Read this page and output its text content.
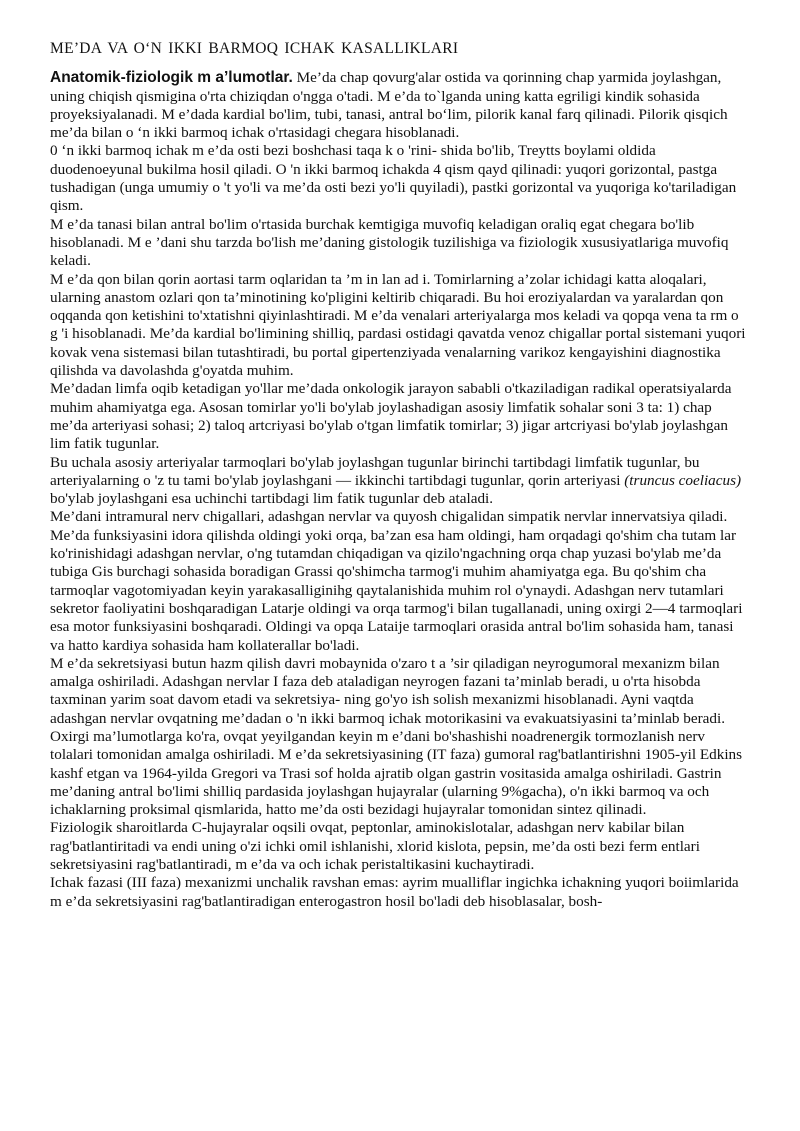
ME’DA VA O‘N IKKI BARMOQ ICHAK KASALLIKLARI

Anatomik-fiziologik m a’lumotlar. Me’da chap qovurg'alar ostida va qorinning chap yarmida joylashgan, uning chiqish qismigina o'rta chiziqdan o'ngga o'tadi. M e’da to`lganda uning katta egriligi kindik sohasida proyeksiyalanadi. M e’dada kardial bo'lim, tubi, tanasi, antral bo‘lim, pilorik kanal farq qilinadi. Pilorik qisqich me’da bilan o ‘n ikki barmoq ichak o'rtasidagi chegara hisoblanadi.

0 ‘n ikki barmoq ichak m e’da osti bezi boshchasi taqa k o 'rini- shida bo'lib, Treytts boylami oldida duodenoeyunal bukilma hosil qiladi. O 'n ikki barmoq ichakda 4 qism qayd qilinadi: yuqori gorizontal, pastga tushadigan (unga umumiy o 't yo'li va me’da osti bezi yo'li quyiladi), pastki gorizontal va yuqoriga ko'tariladigan qism.

M e’da tanasi bilan antral bo'lim o'rtasida burchak kemtigiga muvofiq keladigan oraliq egat chegara bo'lib hisoblanadi. M e ’dani shu tarzda bo'lish me’daning gistologik tuzilishiga va fiziologik xususiyatlariga muvofiq keladi.

M e’da qon bilan qorin aortasi tarm oqlaridan ta ’m in lan ad i. Tomirlarning a’zolar ichidagi katta aloqalari, ularning anastom ozlari qon ta’minotining ko'pligini keltirib chiqaradi. Bu hoi eroziyalardan va yaralardan qon oqqanda qon ketishini to'xtatishni qiyinlashtiradi. M e’da venalari arteriyalarga mos keladi va qopqa vena ta rm o g 'i hisoblanadi. Me’da kardial bo'limining shilliq, pardasi ostidagi qavatda venoz chigallar portal sistemani yuqori kovak vena sistemasi bilan tutashtiradi, bu portal gipertenziyada venalarning varikoz kengayishini diagnostika qilishda va davolashda g'oyatda muhim.

Me’dadan limfa oqib ketadigan yo'llar me’dada onkologik jarayon sababli o'tkaziladigan radikal operatsiyalarda muhim ahamiyatga ega. Asosan tomirlar yo'li bo'ylab joylashadigan asosiy limfatik sohalar soni 3 ta: 1) chap me’da arteriyasi sohasi; 2) taloq artcriyasi bo'ylab o'tgan limfatik tomirlar; 3) jigar artcriyasi bo'ylab joylashgan lim fatik tugunlar.

Bu uchala asosiy arteriyalar tarmoqlari bo'ylab joylashgan tugunlar birinchi tartibdagi limfatik tugunlar, bu arteriyalarning o 'z tu tami bo'ylab joylashgani — ikkinchi tartibdagi tugunlar, qorin arteriyasi (truncus coeliacus) bo'ylab joylashgani esa uchinchi tartibdagi lim fatik tugunlar deb ataladi.

Me’dani intramural nerv chigallari, adashgan nervlar va quyosh chigalidan simpatik nervlar innervatsiya qiladi.

Me’da funksiyasini idora qilishda oldingi yoki orqa, ba’zan esa ham oldingi, ham orqadagi qo'shim cha tutam lar ko'rinishidagi adashgan nervlar, o'ng tutamdan chiqadigan va qizilo'ngachning orqa chap yuzasi bo'ylab me’da tubiga Gis burchagi sohasida boradigan Grassi qo'shimcha tarmog'i muhim ahamiyatga ega. Bu qo'shim cha tarmoqlar vagotomiyadan keyin yarakasalliginihg qaytalanishida muhim rol o'ynaydi. Adashgan nerv tutamlari sekretor faoliyatini boshqaradigan Latarje oldingi va orqa tarmog'i bilan tugallanadi, uning oxirgi 2—4 tarmoqlari esa motor funksiyasini boshqaradi. Oldingi va opqa Lataije tarmoqlari orasida antral bo'lim sohasida ham, tanasi va hatto kardiya sohasida ham kollaterallar bo'ladi.

M e’da sekretsiyasi butun hazm qilish davri mobaynida o'zaro t a ’sir qiladigan neyrogumoral mexanizm bilan amalga oshiriladi. Adashgan nervlar I faza deb ataladigan neyrogen fazani ta’minlab beradi, u o'rta hisobda taxminan yarim soat davom etadi va sekretsiya- ning go'yo ish solish mexanizmi hisoblanadi. Ayni vaqtda adashgan nervlar ovqatning me’dadan o 'n ikki barmoq ichak motorikasini va evakuatsiyasini ta’minlab beradi.

Oxirgi ma’lumotlarga ko'ra, ovqat yeyilgandan keyin m e’dani bo'shashishi noadrenergik tormozlanish nerv tolalari tomonidan amalga oshiriladi. M e’da sekretsiyasining (IT faza) gumoral rag'batlantirishni 1905-yil Edkins kashf etgan va 1964-yilda Gregori va Trasi sof holda ajratib olgan gastrin vositasida amalga oshiriladi. Gastrin me’daning antral bo'limi shilliq pardasida joylashgan hujayralar (ularning 9%gacha), o'n ikki barmoq va och ichaklarning proksimal qismlarida, hatto me’da osti bezidagi hujayralar tomonidan sintez qilinadi.

Fiziologik sharoitlarda C-hujayralar oqsili ovqat, peptonlar, aminokislotalar, adashgan nerv kabilar bilan rag'batlantiritadi va endi uning o'zi ichki omil ishlanishi, xlorid kislota, pepsin, me’da osti bezi ferm entlari sekretsiyasini rag'batlantiradi, m e’da va och ichak peristaltikasini kuchaytiradi.

Ichak fazasi (III faza) mexanizmi unchalik ravshan emas: ayrim mualliflar ingichka ichakning yuqori boiimlarida m e’da sekretsiyasini rag'batlantiradigan enterogastron hosil bo'ladi deb hisoblasalar, bosh-
